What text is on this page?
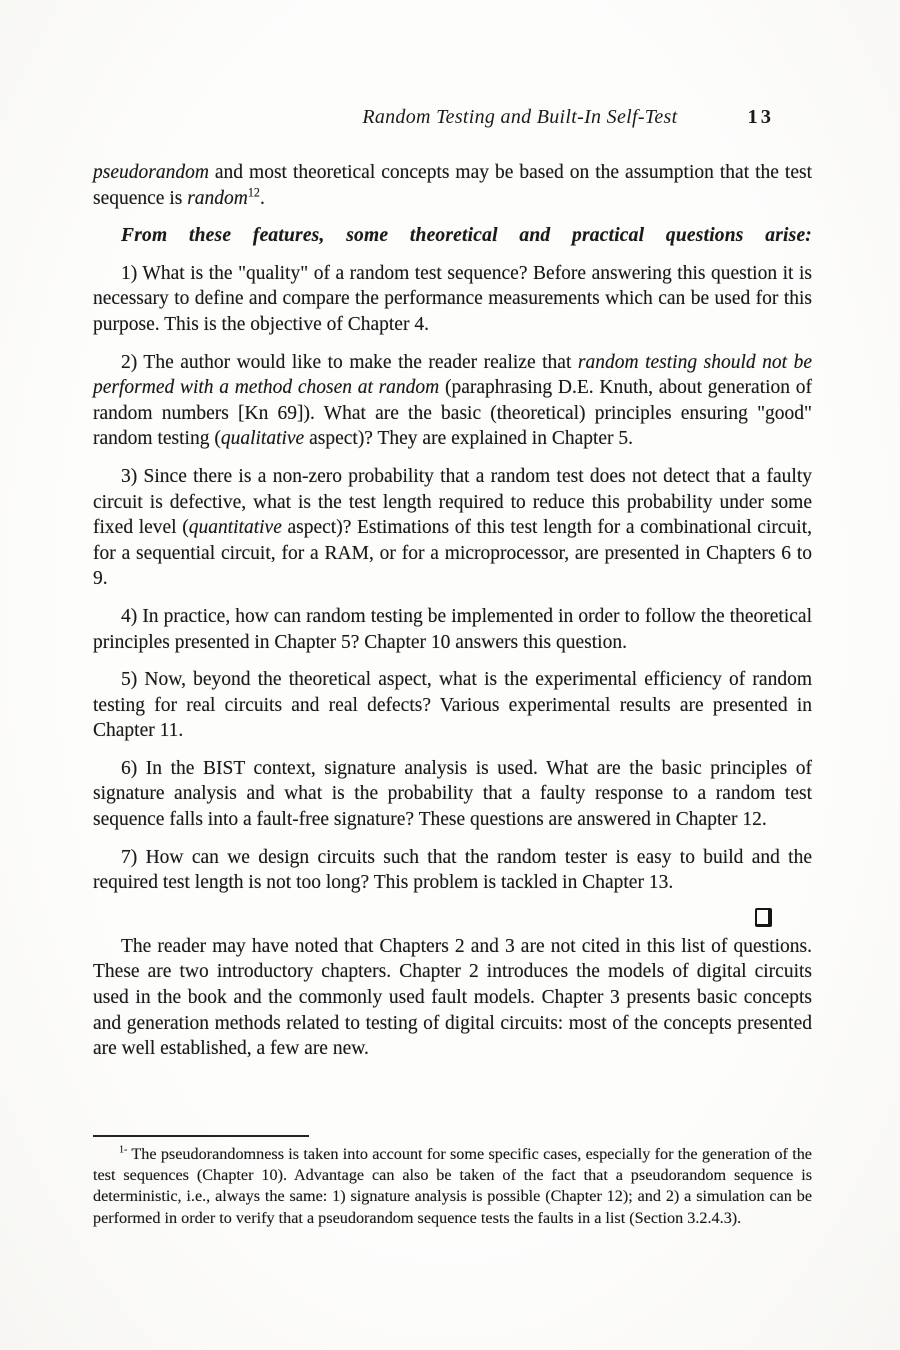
Random Testing and Built-In Self-Test	13

pseudorandom and most theoretical concepts may be based on the assumption that the test sequence is random$^{12}$.

From these features, some theoretical and practical questions arise:

1) What is the "quality" of a random test sequence? Before answering this question it is necessary to define and compare the performance measurements which can be used for this purpose. This is the objective of Chapter 4.

2) The author would like to make the reader realize that random testing should not be performed with a method chosen at random (paraphrasing D.E. Knuth, about generation of random numbers [Kn 69]). What are the basic (theoretical) principles ensuring "good" random testing (qualitative aspect)? They are explained in Chapter 5.

3) Since there is a non-zero probability that a random test does not detect that a faulty circuit is defective, what is the test length required to reduce this probability under some fixed level (quantitative aspect)? Estimations of this test length for a combinational circuit, for a sequential circuit, for a RAM, or for a microprocessor, are presented in Chapters 6 to 9.

4) In practice, how can random testing be implemented in order to follow the theoretical principles presented in Chapter 5? Chapter 10 answers this question.

5) Now, beyond the theoretical aspect, what is the experimental efficiency of random testing for real circuits and real defects? Various experimental results are presented in Chapter 11.

6) In the BIST context, signature analysis is used. What are the basic principles of signature analysis and what is the probability that a faulty response to a random test sequence falls into a fault-free signature? These questions are answered in Chapter 12.

7) How can we design circuits such that the random tester is easy to build and the required test length is not too long? This problem is tackled in Chapter 13.

The reader may have noted that Chapters 2 and 3 are not cited in this list of questions. These are two introductory chapters. Chapter 2 introduces the models of digital circuits used in the book and the commonly used fault models. Chapter 3 presents basic concepts and generation methods related to testing of digital circuits: most of the concepts presented are well established, a few are new.

$^{1-}$ The pseudorandomness is taken into account for some specific cases, especially for the generation of the test sequences (Chapter 10). Advantage can also be taken of the fact that a pseudorandom sequence is deterministic, i.e., always the same: 1) signature analysis is possible (Chapter 12); and 2) a simulation can be performed in order to verify that a pseudorandom sequence tests the faults in a list (Section 3.2.4.3).
